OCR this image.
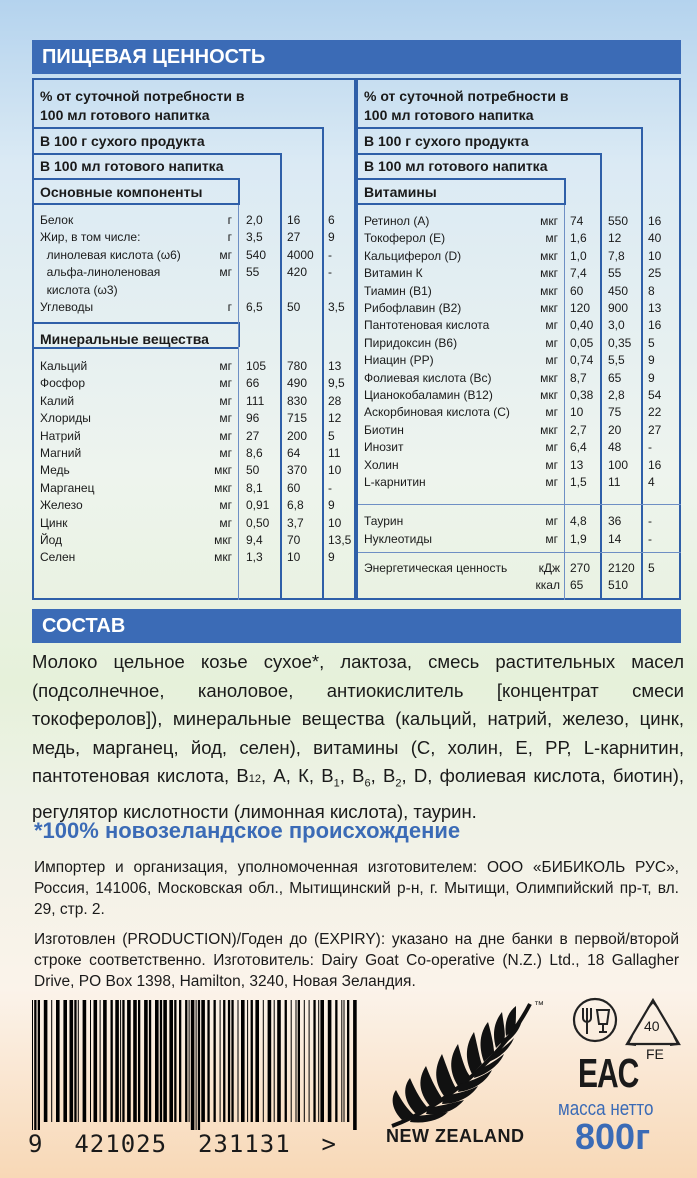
ПИЩЕВАЯ ЦЕННОСТЬ
% от суточной потребности в
100 мл готового напитка
В 100 г сухого продукта
В 100 мл готового напитка
Основные компоненты
Минеральные вещества
Белок	г 2,0 16 6
Жир, в том числе:	г 3,5 27 9
линолевая кислота (ω6)	мг 540 4000 -
альфа-линоленовая	мг 55 420 -
кислота (ω3)
Углеводы	г 6,5 50 3,5
Кальций	мг 105 780 13
Фосфор	мг 66 490 9,5
Калий	мг 111 830 28
Хлориды	мг 96 715 12
Натрий	мг 27 200 5
Магний	мг 8,6 64 11
Медь	мкг 50 370 10
Марганец	мкг 8,1 60 -
Железо	мг 0,91 6,8 9
Цинк	мг 0,50 3,7 10
Йод	мкг 9,4 70 13,5
Селен	мкг 1,3 10 9
% от суточной потребности в
100 мл готового напитка
В 100 г сухого продукта
В 100 мл готового напитка
Витамины
Ретинол (А)	мкг 74 550 16
Токоферол (Е)	мг 1,6 12 40
Кальциферол (D)	мкг 1,0 7,8 10
Витамин К	мкг 7,4 55 25
Тиамин (В1)	мкг 60 450 8
Рибофлавин (В2)	мкг 120 900 13
Пантотеновая кислота	мг 0,40 3,0 16
Пиридоксин (В6)	мг 0,05 0,35 5
Ниацин (РР)	мг 0,74 5,5 9
Фолиевая кислота (Вс)	мкг 8,7 65 9
Цианокобаламин (В12)	мкг 0,38 2,8 54
Аскорбиновая кислота (С)	мг 10 75 22
Биотин	мкг 2,7 20 27
Инозит	мг 6,4 48 -
Холин	мг 13 100 16
L-карнитин	мг 1,5 11 4
Таурин	мг 4,8 36 -
Нуклеотиды	мг 1,9 14 -
Энергетическая ценность	кДж 270 2120 5
ккал 65 510
СОСТАВ
Молоко цельное козье сухое*, лактоза, смесь растительных масел (подсолнечное, каноловое, антиокислитель [концентрат смеси токоферолов]), минеральные вещества (кальций, натрий, железо, цинк, медь, марганец, йод, селен), витамины (С, холин, Е, РР, L-карнитин, пантотеновая кислота, В12, А, К, $В_1$, $В_6$, $В_2$, D, фолиевая кислота, биотин), регулятор кислотности (лимонная кислота), таурин.
*100% новозеландское происхождение
Импортер и организация, уполномоченная изготовителем: ООО «БИБИКОЛЬ РУС», Россия, 141006, Московская обл., Мытищинский р-н, г. Мытищи, Олимпийский пр-т, вл. 29, стр. 2.
Изготовлен (PRODUCTION)/Годен до (EXPIRY): указано на дне банки в первой/второй строке соответственно. Изготовитель: Dairy Goat Co-operative (N.Z.) Ltd., 18 Gallagher Drive, PO Box 1398, Hamilton, 3240, Новая Зеландия.
9  421025  231131  >
™
NEW ZEALAND
40
FE
EAC
масса нетто
800г
